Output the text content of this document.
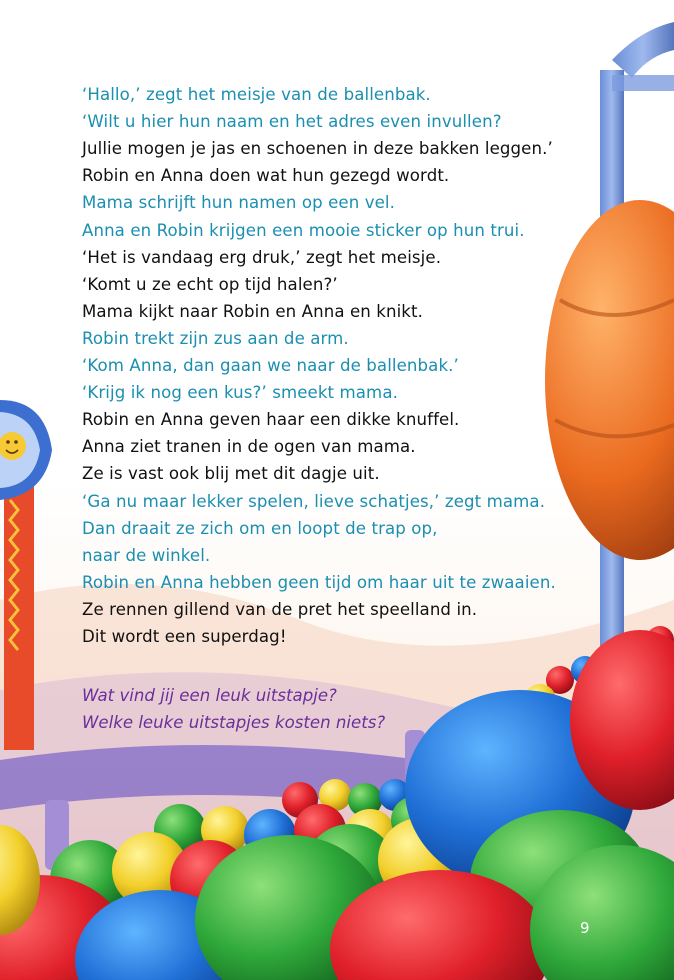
‘Hallo,’ zegt het meisje van de ballenbak.
‘Wilt u hier hun naam en het adres even invullen?
Jullie mogen je jas en schoenen in deze bakken leggen.’
Robin en Anna doen wat hun gezegd wordt.
Mama schrijft hun namen op een vel.
Anna en Robin krijgen een mooie sticker op hun trui.
‘Het is vandaag erg druk,’ zegt het meisje.
‘Komt u ze echt op tijd halen?’
Mama kijkt naar Robin en Anna en knikt.
Robin trekt zijn zus aan de arm.
‘Kom Anna, dan gaan we naar de ballenbak.’
‘Krijg ik nog een kus?’ smeekt mama.
Robin en Anna geven haar een dikke knuffel.
Anna ziet tranen in de ogen van mama.
Ze is vast ook blij met dit dagje uit.
‘Ga nu maar lekker spelen, lieve schatjes,’ zegt mama.
Dan draait ze zich om en loopt de trap op,
naar de winkel.
Robin en Anna hebben geen tijd om haar uit te zwaaien.
Ze rennen gillend van de pret het speelland in.
Dit wordt een superdag!
Wat vind jij een leuk uitstapje?
Welke leuke uitstapjes kosten niets?
9
